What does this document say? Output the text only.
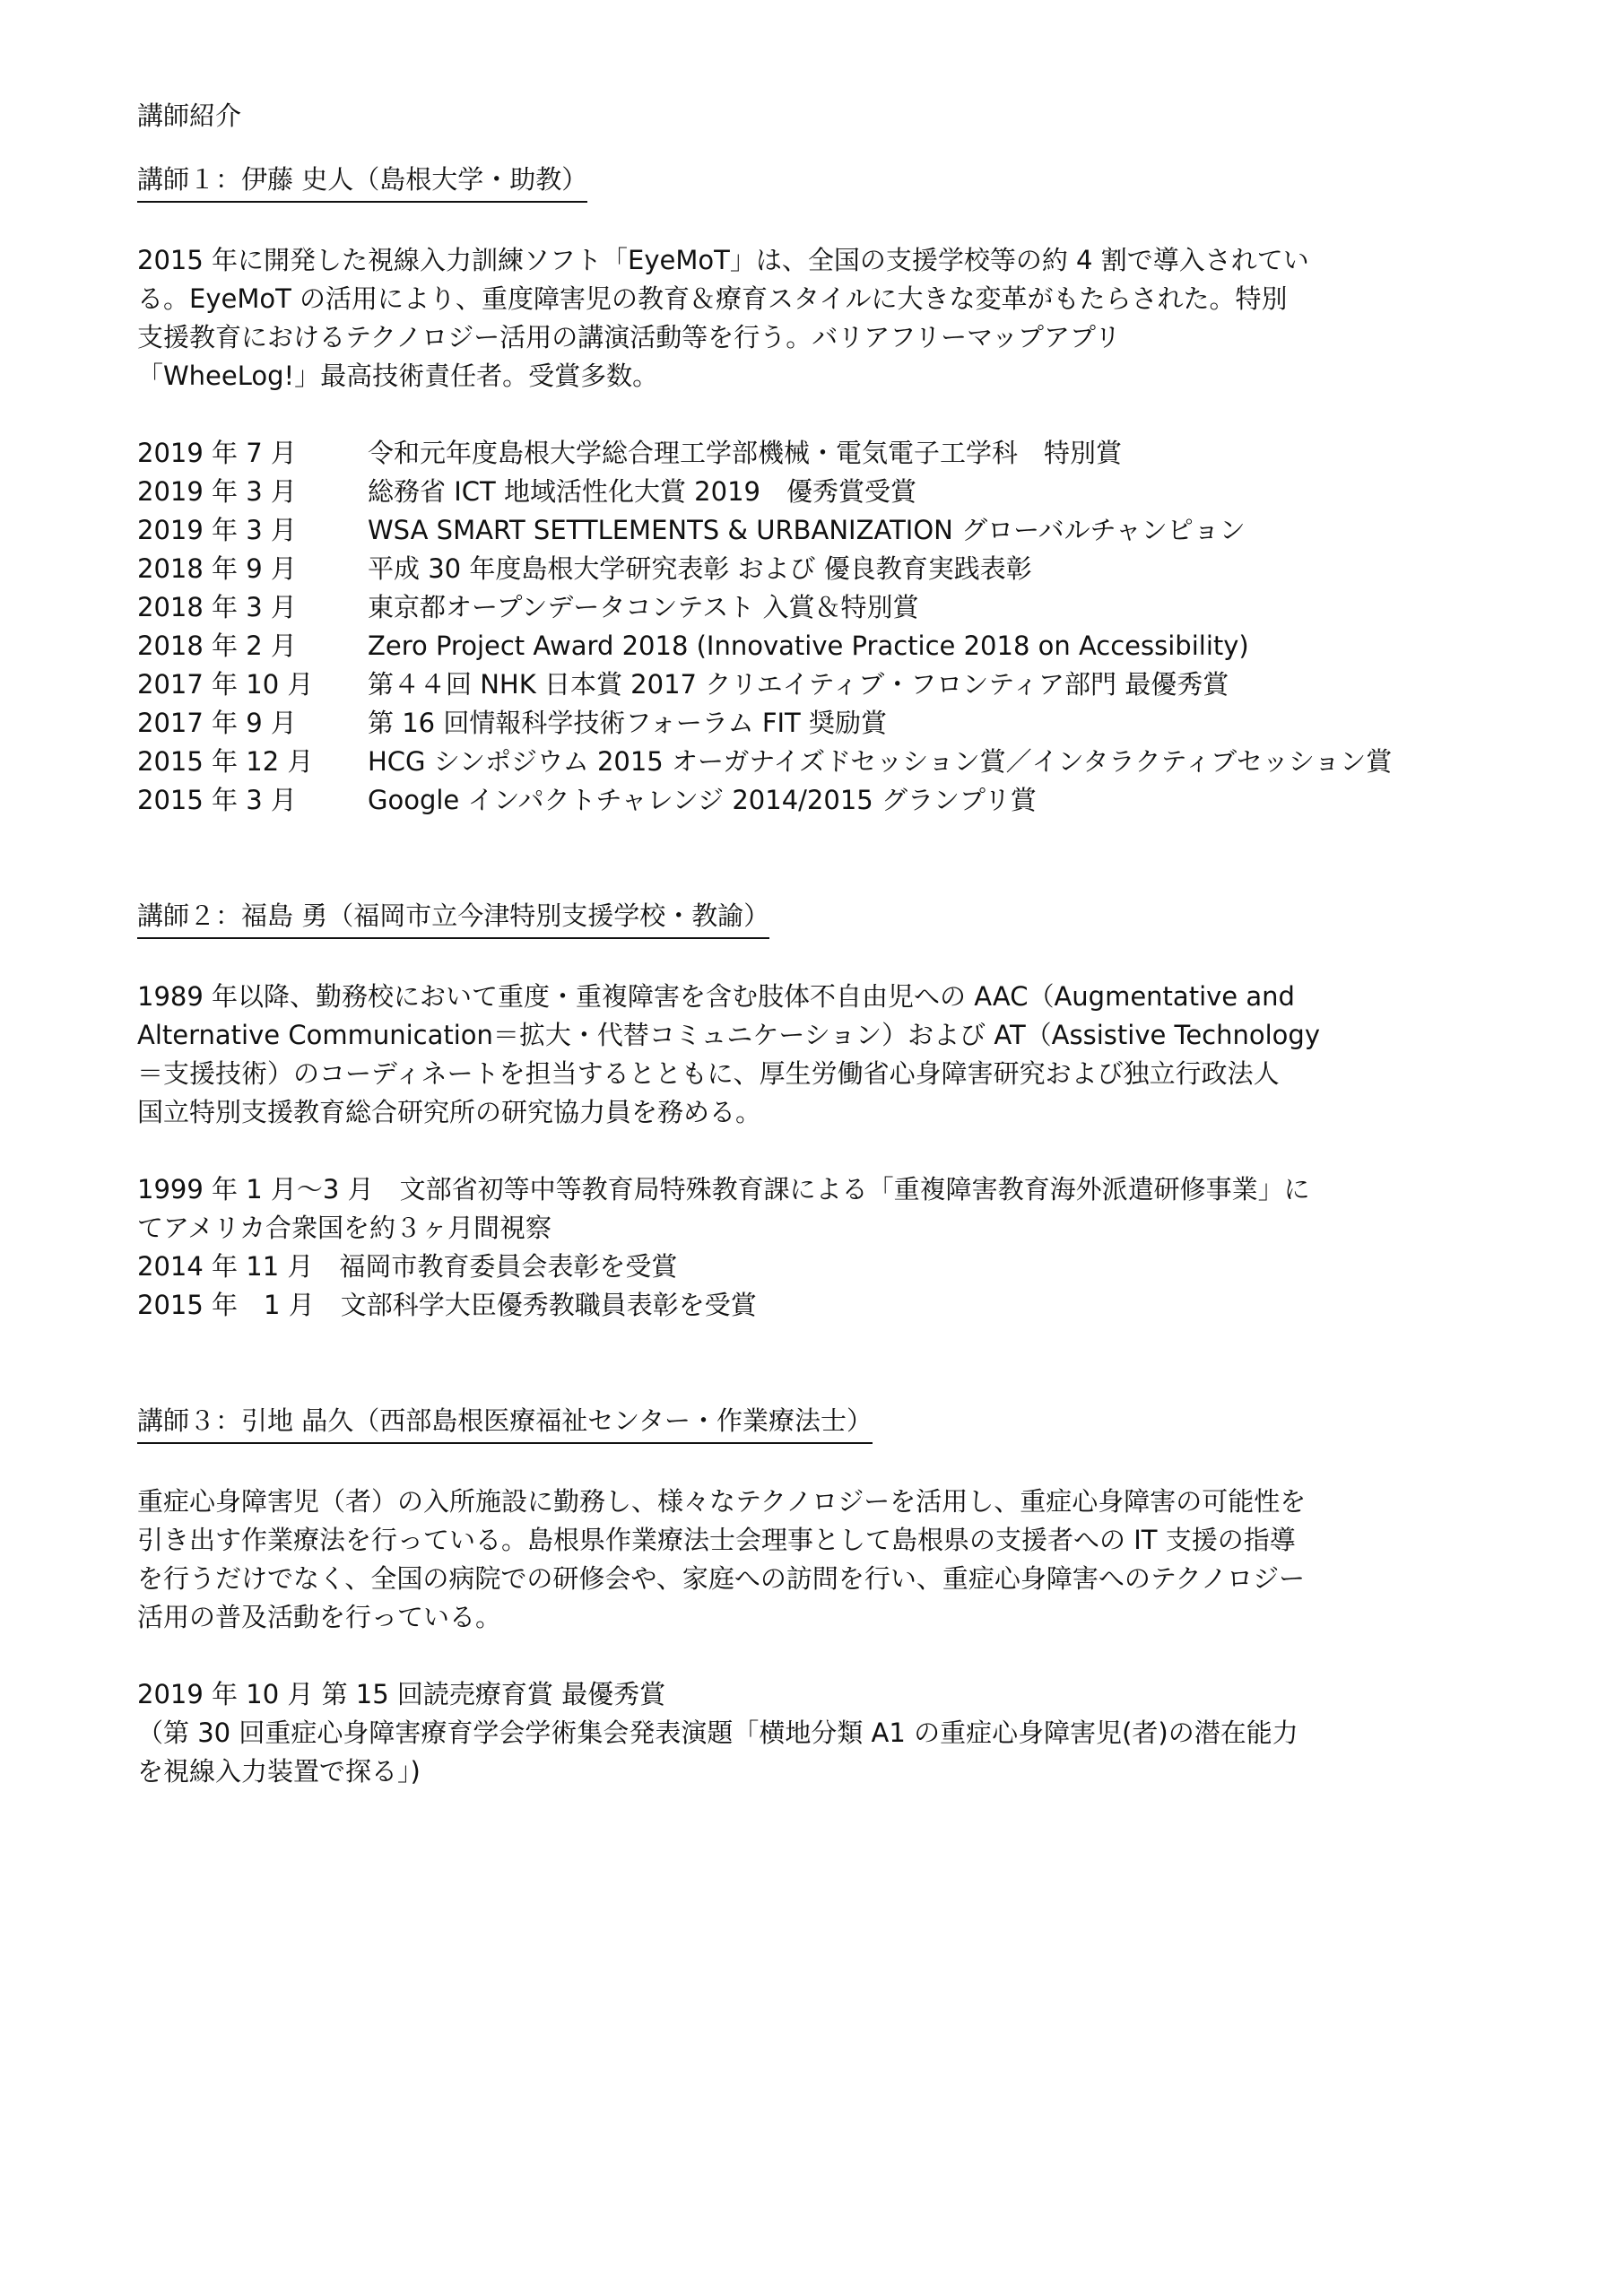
講師紹介
講師１：伊藤 史人（島根大学・助教）
2015 年に開発した視線入力訓練ソフト「EyeMoT」は、全国の支援学校等の約 4 割で導入されてい
る。EyeMoT の活用により、重度障害児の教育＆療育スタイルに大きな変革がもたらされた。特別
支援教育におけるテクノロジー活用の講演活動等を行う。バリアフリーマップアプリ
「WheeLog!」最高技術責任者。受賞多数。
2019 年 7 月	令和元年度島根大学総合理工学部機械・電気電子工学科　特別賞
2019 年 3 月	総務省 ICT 地域活性化大賞 2019　優秀賞受賞
2019 年 3 月	WSA SMART SETTLEMENTS & URBANIZATION グローバルチャンピョン
2018 年 9 月	平成 30 年度島根大学研究表彰 および 優良教育実践表彰
2018 年 3 月	東京都オープンデータコンテスト 入賞＆特別賞
2018 年 2 月	Zero Project Award 2018 (Innovative Practice 2018 on Accessibility)
2017 年 10 月 第４４回 NHK 日本賞 2017 クリエイティブ・フロンティア部門 最優秀賞
2017 年 9 月	第 16 回情報科学技術フォーラム FIT 奨励賞
2015 年 12 月 HCG シンポジウム 2015 オーガナイズドセッション賞／インタラクティブセッション賞
2015 年 3 月	Google インパクトチャレンジ 2014/2015 グランプリ賞
講師２：福島 勇（福岡市立今津特別支援学校・教諭）
1989 年以降、勤務校において重度・重複障害を含む肢体不自由児への AAC（Augmentative and
Alternative Communication＝拡大・代替コミュニケーション）および AT（Assistive Technology
＝支援技術）のコーディネートを担当するとともに、厚生労働省心身障害研究および独立行政法人
国立特別支援教育総合研究所の研究協力員を務める。
1999 年 1 月～3 月　文部省初等中等教育局特殊教育課による「重複障害教育海外派遣研修事業」に
てアメリカ合衆国を約３ヶ月間視察
2014 年 11 月　福岡市教育委員会表彰を受賞
2015 年　1 月　文部科学大臣優秀教職員表彰を受賞
講師３：引地 晶久（西部島根医療福祉センター・作業療法士）
重症心身障害児（者）の入所施設に勤務し、様々なテクノロジーを活用し、重症心身障害の可能性を
引き出す作業療法を行っている。島根県作業療法士会理事として島根県の支援者への IT 支援の指導
を行うだけでなく、全国の病院での研修会や、家庭への訪問を行い、重症心身障害へのテクノロジー
活用の普及活動を行っている。
2019 年 10 月 第 15 回読売療育賞 最優秀賞
（第 30 回重症心身障害療育学会学術集会発表演題「横地分類 A1 の重症心身障害児(者)の潜在能力
を視線入力装置で探る」)
